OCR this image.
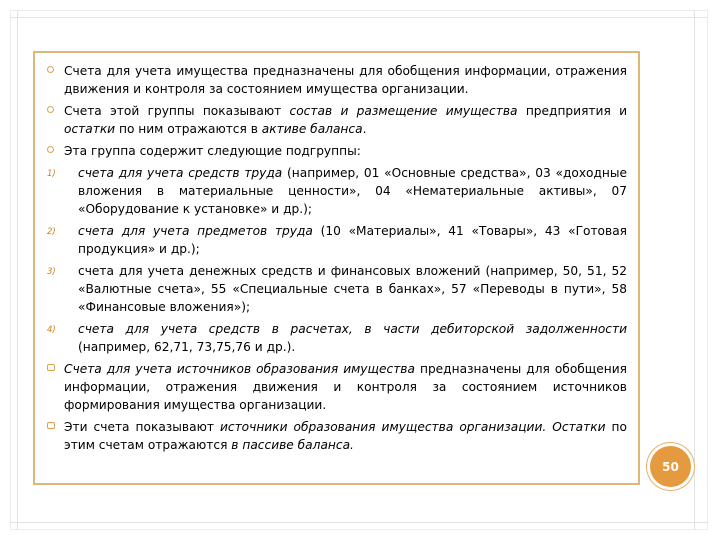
Счета для учета имущества предназначены для обобщения информации, отражения движения и контроля за состоянием имущества организации.
Счета этой группы показывают состав и размещение имущества предприятия и остатки по ним отражаются в активе баланса.
Эта группа содержит следующие подгруппы:
1) счета для учета средств труда (например, 01 «Основные средства», 03 «доходные вложения в материальные ценности», 04 «Нематериальные активы», 07 «Оборудование к установке» и др.);
2) счета для учета предметов труда (10 «Материалы», 41 «Товары», 43 «Готовая продукция» и др.);
3) счета для учета денежных средств и финансовых вложений (например, 50, 51, 52 «Валютные счета», 55 «Специальные счета в банках», 57 «Переводы в пути», 58 «Финансовые вложения»);
4) счета для учета средств в расчетах, в части дебиторской задолженности (например, 62,71, 73,75,76 и др.).
Счета для учета источников образования имущества предназначены для обобщения информации, отражения движения и контроля за состоянием источников формирования имущества организации.
Эти счета показывают источники образования имущества организации. Остатки по этим счетам отражаются в пассиве баланса.
50
